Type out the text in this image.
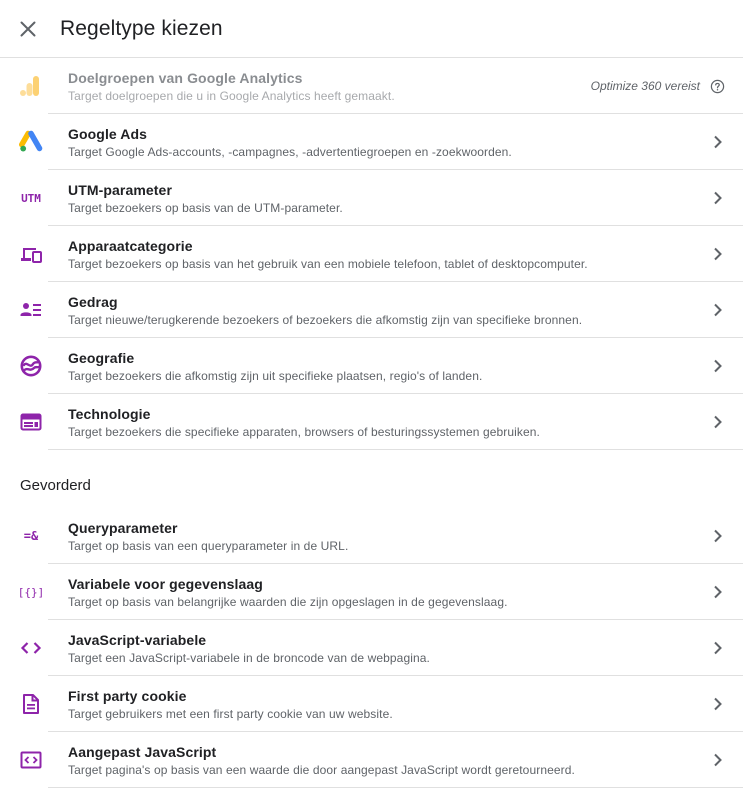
Regeltype kiezen
Doelgroepen van Google Analytics
Target doelgroepen die u in Google Analytics heeft gemaakt.
Optimize 360 vereist
Google Ads
Target Google Ads-accounts, -campagnes, -advertentiegroepen en -zoekwoorden.
UTM UTM-parameter
Target bezoekers op basis van de UTM-parameter.
Apparaatcategorie
Target bezoekers op basis van het gebruik van een mobiele telefoon, tablet of desktopcomputer.
Gedrag
Target nieuwe/terugkerende bezoekers of bezoekers die afkomstig zijn van specifieke bronnen.
Geografie
Target bezoekers die afkomstig zijn uit specifieke plaatsen, regio's of landen.
Technologie
Target bezoekers die specifieke apparaten, browsers of besturingssystemen gebruiken.
Gevorderd
=& Queryparameter
Target op basis van een queryparameter in de URL.
[{}] Variabele voor gegevenslaag
Target op basis van belangrijke waarden die zijn opgeslagen in de gegevenslaag.
JavaScript-variabele
Target een JavaScript-variabele in de broncode van de webpagina.
First party cookie
Target gebruikers met een first party cookie van uw website.
Aangepast JavaScript
Target pagina's op basis van een waarde die door aangepast JavaScript wordt geretourneerd.
